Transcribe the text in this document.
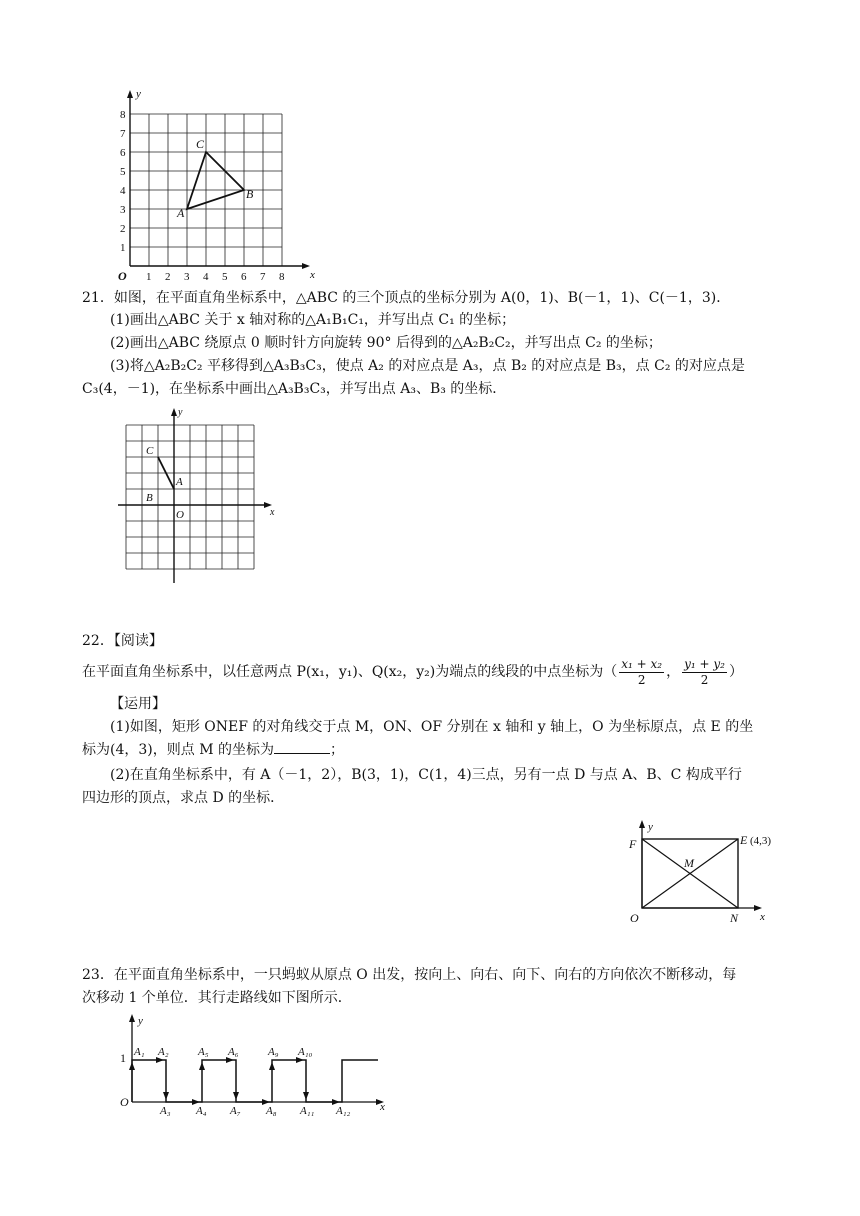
y
x
O 1 2 3 4 5 6 7 8
1
2
3
4
5
6
7
8
A
B
C
21．如图，在平面直角坐标系中，△ABC 的三个顶点的坐标分别为 A(0，1)、B(－1，1)、C(－1，3)．
(1)画出△ABC 关于 x 轴对称的△A₁B₁C₁，并写出点 C₁ 的坐标；
(2)画出△ABC 绕原点 0 顺时针方向旋转 90° 后得到的△A₂B₂C₂，并写出点 C₂ 的坐标；
(3)将△A₂B₂C₂ 平移得到△A₃B₃C₃，使点 A₂ 的对应点是 A₃，点 B₂ 的对应点是 B₃，点 C₂ 的对应点是
C₃(4，－1)，在坐标系中画出△A₃B₃C₃，并写出点 A₃、B₃ 的坐标．
y
x
O
C
A
B
22．【阅读】
在平面直角坐标系中，以任意两点 P(x₁，y₁)、Q(x₂，y₂)为端点的线段的中点坐标为（ $\frac{\text{x₁ + x₂}}{2}$ ， $\frac{\text{y₁ + y₂}}{2}$ ）
【运用】
(1)如图，矩形 ONEF 的对角线交于点 M，ON、OF 分别在 x 轴和 y 轴上，O 为坐标原点，点 E 的坐
标为(4，3)，则点 M 的坐标为	；
(2)在直角坐标系中，有 A（－1，2），B(3，1)，C(1，4)三点，另有一点 D 与点 A、B、C 构成平行
四边形的顶点，求点 D 的坐标．
y
x
F	E (4,3)
M
O	N
23．在平面直角坐标系中，一只蚂蚁从原点 O 出发，按向上、向右、向下、向右的方向依次不断移动，每
次移动 1 个单位．其行走路线如下图所示．
y
x
O
1 A₁ A₂	A₅ A₆	A₉ A₁₀
A₃ A₄ A₇ A₈ A₁₁ A₁₂
